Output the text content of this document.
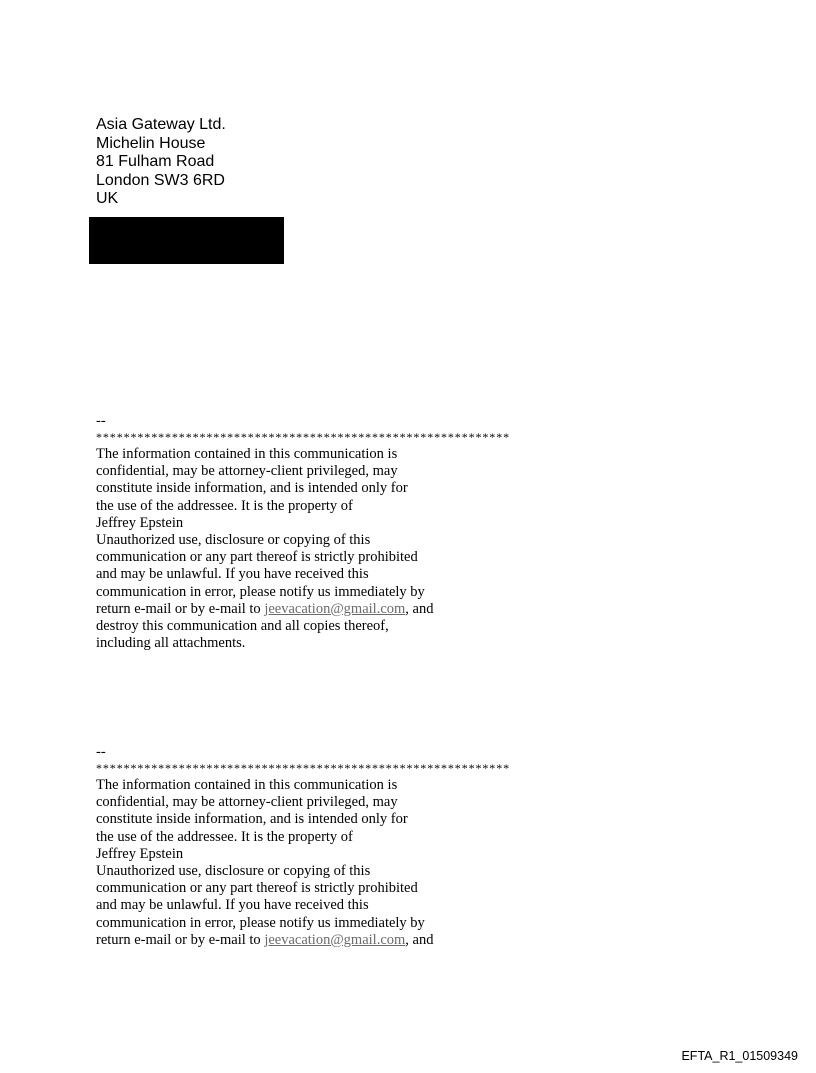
Asia Gateway Ltd.
Michelin House
81 Fulham Road
London SW3 6RD
UK
--
************************************************************
The information contained in this communication is
confidential, may be attorney-client privileged, may
constitute inside information, and is intended only for
the use of the addressee. It is the property of
Jeffrey Epstein
Unauthorized use, disclosure or copying of this
communication or any part thereof is strictly prohibited
and may be unlawful. If you have received this
communication in error, please notify us immediately by
return e-mail or by e-mail to jeevacation@gmail.com, and
destroy this communication and all copies thereof,
including all attachments.
--
************************************************************
The information contained in this communication is
confidential, may be attorney-client privileged, may
constitute inside information, and is intended only for
the use of the addressee. It is the property of
Jeffrey Epstein
Unauthorized use, disclosure or copying of this
communication or any part thereof is strictly prohibited
and may be unlawful. If you have received this
communication in error, please notify us immediately by
return e-mail or by e-mail to jeevacation@gmail.com, and
EFTA_R1_01509349
